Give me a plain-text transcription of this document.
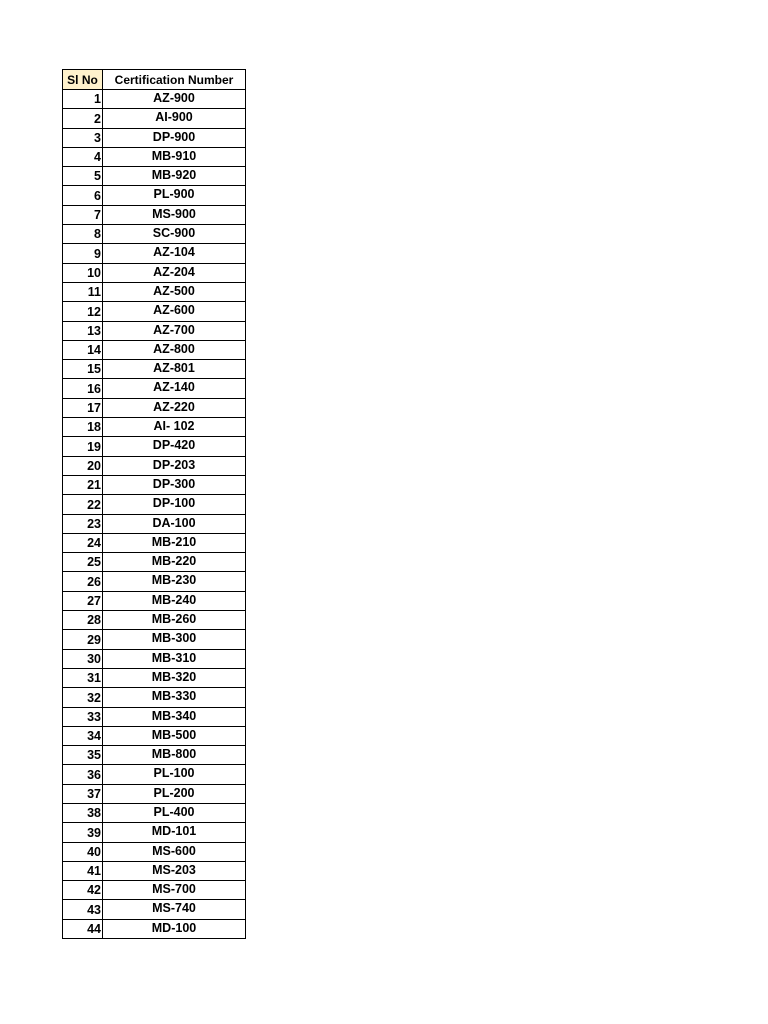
Sl No	Certification Number
1	AZ-900
2	AI-900
3	DP-900
4	MB-910
5	MB-920
6	PL-900
7	MS-900
8	SC-900
9	AZ-104
10	AZ-204
11	AZ-500
12	AZ-600
13	AZ-700
14	AZ-800
15	AZ-801
16	AZ-140
17	AZ-220
18	AI- 102
19	DP-420
20	DP-203
21	DP-300
22	DP-100
23	DA-100
24	MB-210
25	MB-220
26	MB-230
27	MB-240
28	MB-260
29	MB-300
30	MB-310
31	MB-320
32	MB-330
33	MB-340
34	MB-500
35	MB-800
36	PL-100
37	PL-200
38	PL-400
39	MD-101
40	MS-600
41	MS-203
42	MS-700
43	MS-740
44	MD-100
